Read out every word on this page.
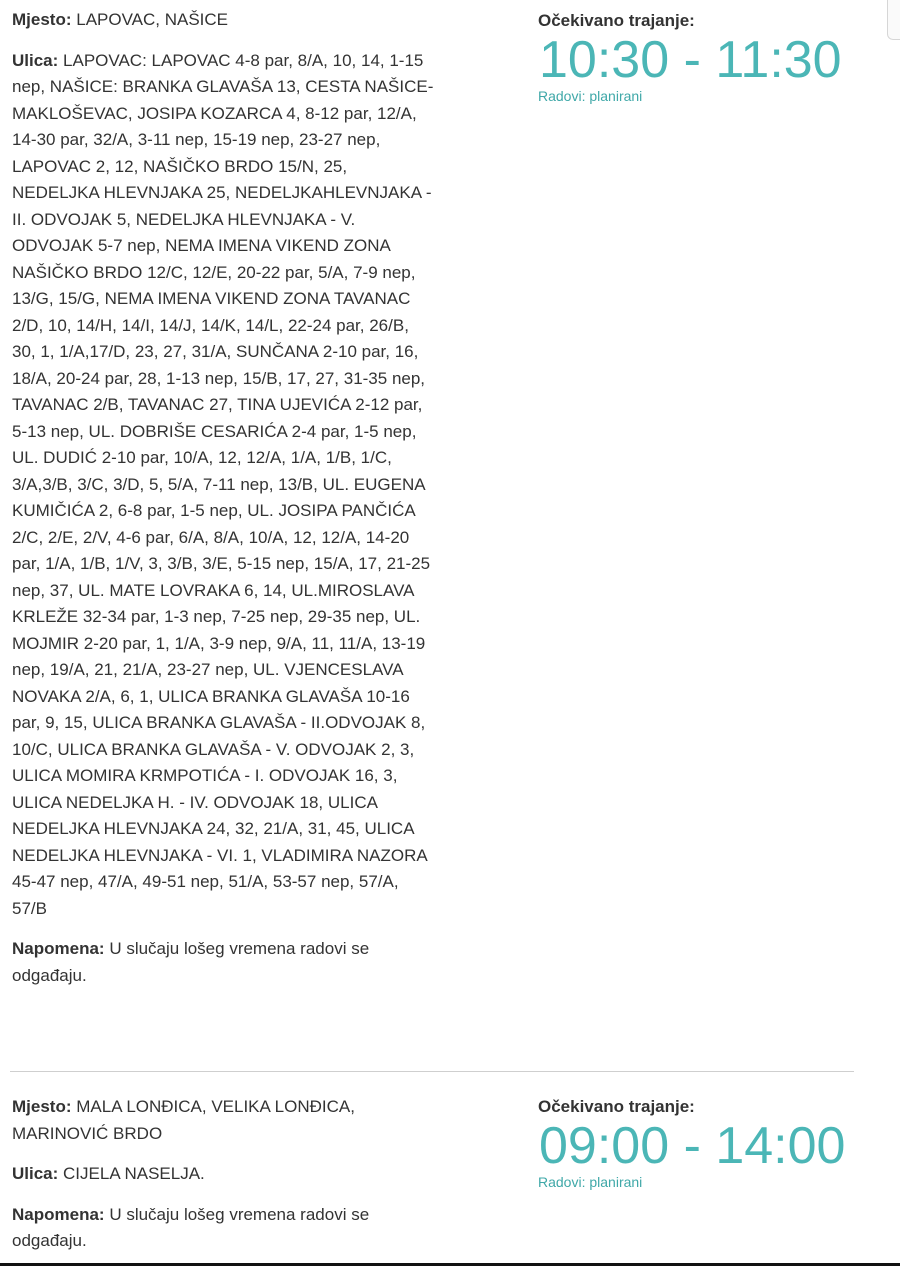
Mjesto: LAPOVAC, NAŠICE
Ulica: LAPOVAC: LAPOVAC 4-8 par, 8/A, 10, 14, 1-15 nep, NAŠICE: BRANKA GLAVAŠA 13, CESTA NAŠICE-MAKLOŠEVAC, JOSIPA KOZARCA 4, 8-12 par, 12/A, 14-30 par, 32/A, 3-11 nep, 15-19 nep, 23-27 nep, LAPOVAC 2, 12, NAŠIČKO BRDO 15/N, 25, NEDELJKA HLEVNJAKA 25, NEDELJKAHLEVNJAKA - II. ODVOJAK 5, NEDELJKA HLEVNJAKA - V. ODVOJAK 5-7 nep, NEMA IMENA VIKEND ZONA NAŠIČKO BRDO 12/C, 12/E, 20-22 par, 5/A, 7-9 nep, 13/G, 15/G, NEMA IMENA VIKEND ZONA TAVANAC 2/D, 10, 14/H, 14/I, 14/J, 14/K, 14/L, 22-24 par, 26/B, 30, 1, 1/A,17/D, 23, 27, 31/A, SUNČANA 2-10 par, 16, 18/A, 20-24 par, 28, 1-13 nep, 15/B, 17, 27, 31-35 nep, TAVANAC 2/B, TAVANAC 27, TINA UJEVIĆA 2-12 par, 5-13 nep, UL. DOBRIŠE CESARIĆA 2-4 par, 1-5 nep, UL. DUDIĆ 2-10 par, 10/A, 12, 12/A, 1/A, 1/B, 1/C, 3/A,3/B, 3/C, 3/D, 5, 5/A, 7-11 nep, 13/B, UL. EUGENA KUMIČIĆA 2, 6-8 par, 1-5 nep, UL. JOSIPA PANČIĆA 2/C, 2/E, 2/V, 4-6 par, 6/A, 8/A, 10/A, 12, 12/A, 14-20 par, 1/A, 1/B, 1/V, 3, 3/B, 3/E, 5-15 nep, 15/A, 17, 21-25 nep, 37, UL. MATE LOVRAKA 6, 14, UL.MIROSLAVA KRLEŽE 32-34 par, 1-3 nep, 7-25 nep, 29-35 nep, UL. MOJMIR 2-20 par, 1, 1/A, 3-9 nep, 9/A, 11, 11/A, 13-19 nep, 19/A, 21, 21/A, 23-27 nep, UL. VJENCESLAVA NOVAKA 2/A, 6, 1, ULICA BRANKA GLAVAŠA 10-16 par, 9, 15, ULICA BRANKA GLAVAŠA - II.ODVOJAK 8, 10/C, ULICA BRANKA GLAVAŠA - V. ODVOJAK 2, 3, ULICA MOMIRA KRMPOTIĆA - I. ODVOJAK 16, 3, ULICA NEDELJKA H. - IV. ODVOJAK 18, ULICA NEDELJKA HLEVNJAKA 24, 32, 21/A, 31, 45, ULICA NEDELJKA HLEVNJAKA - VI. 1, VLADIMIRA NAZORA 45-47 nep, 47/A, 49-51 nep, 51/A, 53-57 nep, 57/A, 57/B
Napomena: U slučaju lošeg vremena radovi se odgađaju.
Očekivano trajanje:
10:30 - 11:30
Radovi: planirani
Mjesto: MALA LONĐICA, VELIKA LONĐICA, MARINOVIĆ BRDO
Ulica: CIJELA NASELJA.
Napomena: U slučaju lošeg vremena radovi se odgađaju.
Očekivano trajanje:
09:00 - 14:00
Radovi: planirani
